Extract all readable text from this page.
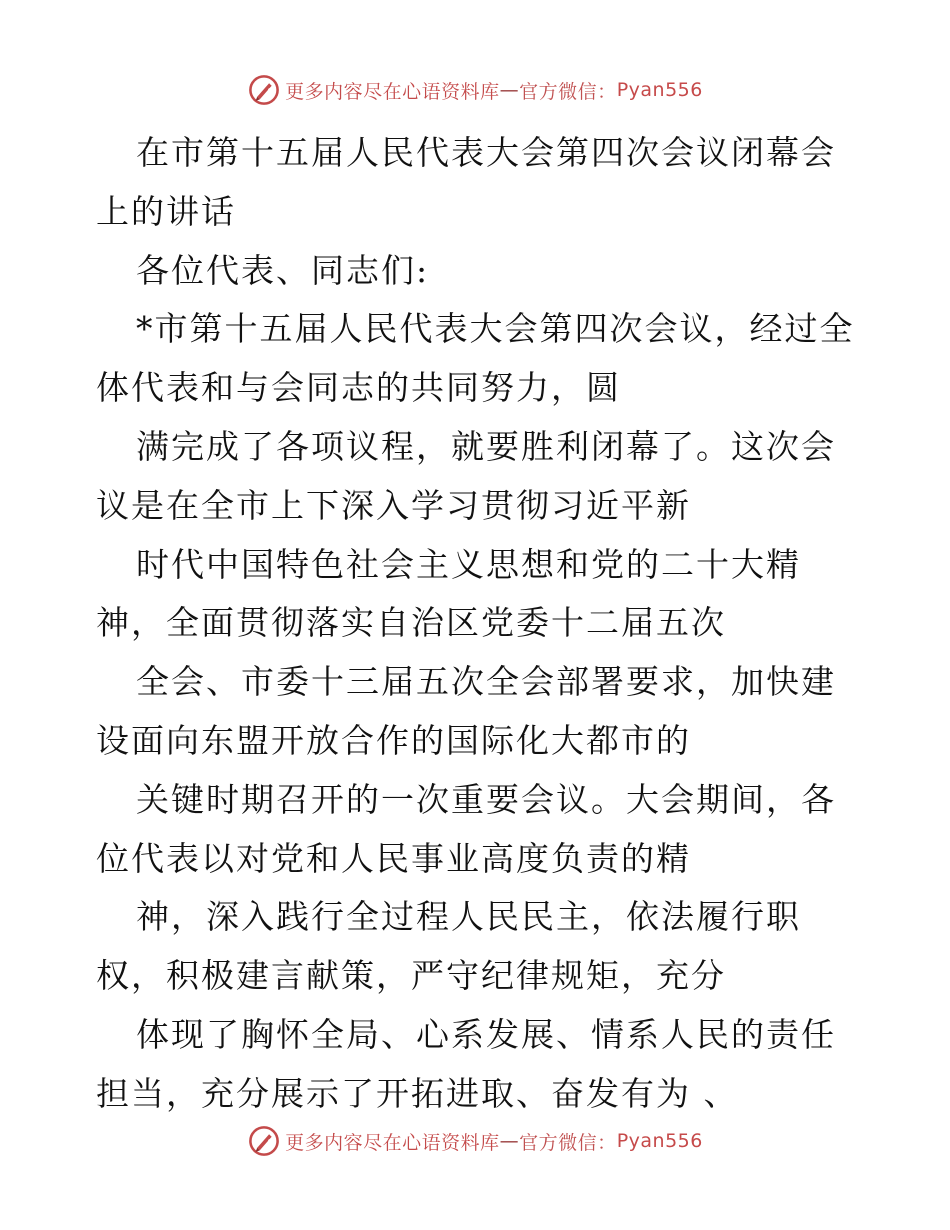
更多内容尽在心语资料库 — 官方微信： Pyan556

在市第十五届人民代表大会第四次会议闭幕会上的讲话

各位代表、同志们:

*市第十五届人民代表大会第四次会议，经过全体代表和与会同志的共同努力，圆

满完成了各项议程，就要胜利闭幕了。这次会议是在全市上下深入学习贯彻习近平新

时代中国特色社会主义思想和党的二十大精神，全面贯彻落实自治区党委十二届五次

全会、市委十三届五次全会部署要求，加快建设面向东盟开放合作的国际化大都市的

关键时期召开的一次重要会议。大会期间，各位代表以对党和人民事业高度负责的精

神，深入践行全过程人民民主，依法履行职权，积极建言献策，严守纪律规矩，充分

体现了胸怀全局、心系发展、情系人民的责任担当，充分展示了开拓进取、奋发有为 、

更多内容尽在心语资料库 — 官方微信： Pyan556
